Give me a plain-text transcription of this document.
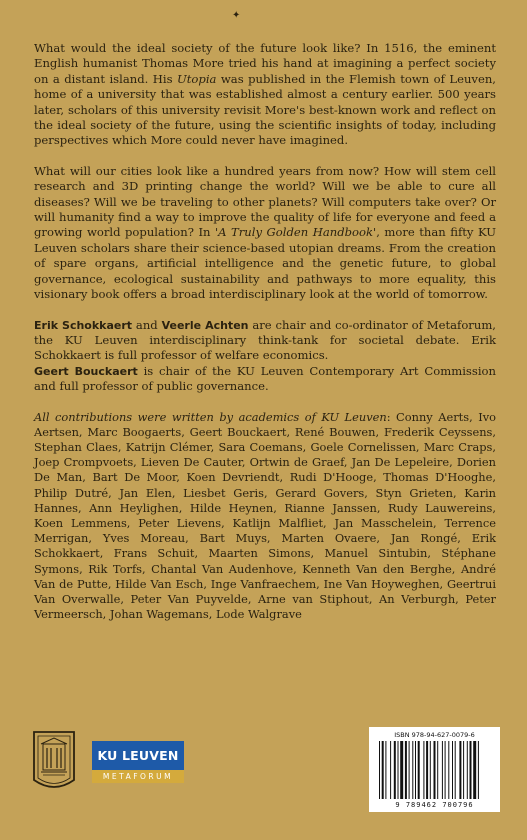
✦

What would the ideal society of the future look like? In 1516, the eminent English humanist Thomas More tried his hand at imagining a perfect society on a distant island. His Utopia was published in the Flemish town of Leuven, home of a university that was established almost a century earlier. 500 years later, scholars of this university revisit More's best-known work and reflect on the ideal society of the future, using the scientific insights of today, including perspectives which More could never have imagined.

What will our cities look like a hundred years from now? How will stem cell research and 3D printing change the world? Will we be able to cure all diseases? Will we be traveling to other planets? Will computers take over? Or will humanity find a way to improve the quality of life for everyone and feed a growing world population? In 'A Truly Golden Handbook', more than fifty KU Leuven scholars share their science-based utopian dreams. From the creation of spare organs, artificial intelligence and the genetic future, to global governance, ecological sustainability and pathways to more equality, this visionary book offers a broad interdisciplinary look at the world of tomorrow.

Erik Schokkaert and Veerle Achten are chair and co-ordinator of Metaforum, the KU Leuven interdisciplinary think-tank for societal debate. Erik Schokkaert is full professor of welfare economics.

Geert Bouckaert is chair of the KU Leuven Contemporary Art Commission and full professor of public governance.

All contributions were written by academics of KU Leuven: Conny Aerts, Ivo Aertsen, Marc Boogaerts, Geert Bouckaert, René Bouwen, Frederik Ceyssens, Stephan Claes, Katrijn Clémer, Sara Coemans, Goele Cornelissen, Marc Craps, Joep Crompvoets, Lieven De Cauter, Ortwin de Graef, Jan De Lepeleire, Dorien De Man, Bart De Moor, Koen Devriendt, Rudi D'Hooge, Thomas D'Hooghe, Philip Dutré, Jan Elen, Liesbet Geris, Gerard Govers, Styn Grieten, Karin Hannes, Ann Heylighen, Hilde Heynen, Rianne Janssen, Rudy Lauwereins, Koen Lemmens, Peter Lievens, Katlijn Malfliet, Jan Masschelein, Terrence Merrigan, Yves Moreau, Bart Muys, Marten Ovaere, Jan Rongé, Erik Schokkaert, Frans Schuit, Maarten Simons, Manuel Sintubin, Stéphane Symons, Rik Torfs, Chantal Van Audenhove, Kenneth Van den Berghe, André Van de Putte, Hilde Van Esch, Inge Vanfraechem, Ine Van Hoyweghen, Geertrui Van Overwalle, Peter Van Puyvelde, Arne van Stiphout, An Verburgh, Peter Vermeersch, Johan Wagemans, Lode Walgrave

KU LEUVEN
METAFORUM
ISBN 978-94-627-0079-6
9 789462 700796
